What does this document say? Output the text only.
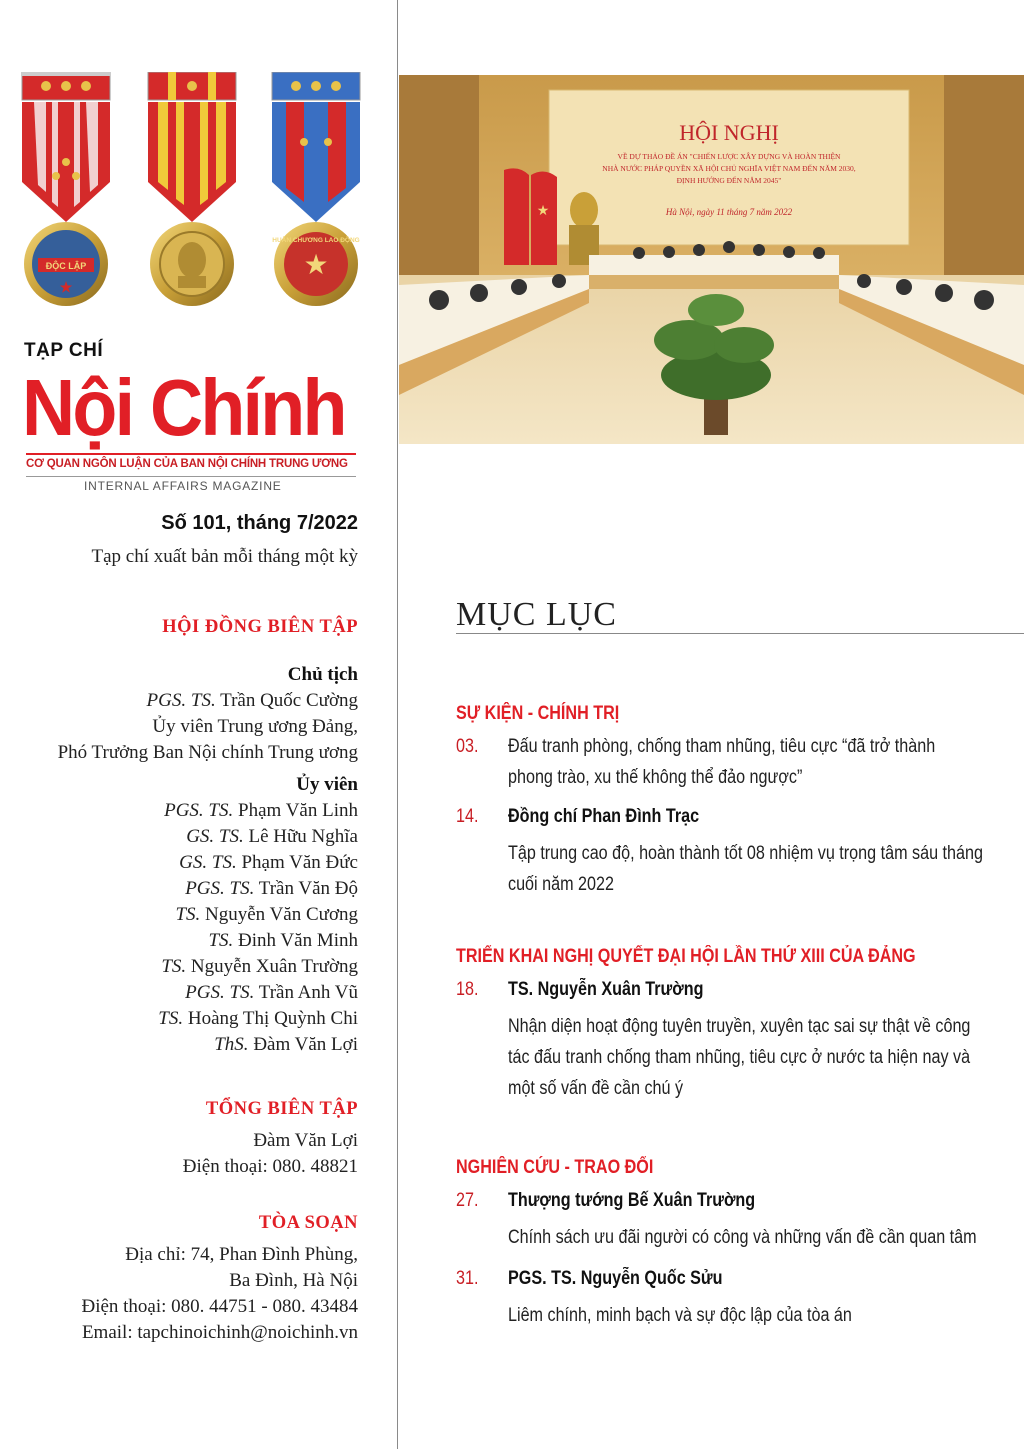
ĐỘC LẬP
★
HUÂN CHƯƠNG LAO ĐỘNG
★
TẠP CHÍ
Nội Chính
CƠ QUAN NGÔN LUẬN CỦA BAN NỘI CHÍNH TRUNG ƯƠNG
INTERNAL AFFAIRS MAGAZINE
Số 101, tháng 7/2022
Tạp chí xuất bản mỗi tháng một kỳ
HỘI ĐỒNG BIÊN TẬP
Chủ tịch
PGS. TS. Trần Quốc Cường
Ủy viên Trung ương Đảng,
Phó Trưởng Ban Nội chính Trung ương
Ủy viên
PGS. TS. Phạm Văn Linh
GS. TS. Lê Hữu Nghĩa
GS. TS. Phạm Văn Đức
PGS. TS. Trần Văn Độ
TS. Nguyễn Văn Cương
TS. Đinh Văn Minh
TS. Nguyễn Xuân Trường
PGS. TS. Trần Anh Vũ
TS. Hoàng Thị Quỳnh Chi
ThS. Đàm Văn Lợi
TỔNG BIÊN TẬP
Đàm Văn Lợi
Điện thoại: 080. 48821
TÒA SOẠN
Địa chỉ: 74, Phan Đình Phùng,
Ba Đình, Hà Nội
Điện thoại: 080. 44751 - 080. 43484
Email: tapchinoichinh@noichinh.vn
HỘI NGHỊ
VỀ DỰ THẢO ĐỀ ÁN "CHIẾN LƯỢC XÂY DỰNG VÀ HOÀN THIỆN
NHÀ NƯỚC PHÁP QUYỀN XÃ HỘI CHỦ NGHĨA VIỆT NAM ĐẾN NĂM 2030,
ĐỊNH HƯỚNG ĐẾN NĂM 2045"
Hà Nội, ngày 11 tháng 7 năm 2022
★
MỤC LỤC
SỰ KIỆN - CHÍNH TRỊ
03. Đấu tranh phòng, chống tham nhũng, tiêu cực “đã trở thành phong trào, xu thế không thể đảo ngược”
14. Đồng chí Phan Đình Trạc
Tập trung cao độ, hoàn thành tốt 08 nhiệm vụ trọng tâm sáu tháng cuối năm 2022
TRIỂN KHAI NGHỊ QUYẾT ĐẠI HỘI LẦN THỨ XIII CỦA ĐẢNG
18. TS. Nguyễn Xuân Trường
Nhận diện hoạt động tuyên truyền, xuyên tạc sai sự thật về công tác đấu tranh chống tham nhũng, tiêu cực ở nước ta hiện nay và một số vấn đề cần chú ý
NGHIÊN CỨU - TRAO ĐỔI
27. Thượng tướng Bế Xuân Trường
Chính sách ưu đãi người có công và những vấn đề cần quan tâm
31. PGS. TS. Nguyễn Quốc Sửu
Liêm chính, minh bạch và sự độc lập của tòa án
